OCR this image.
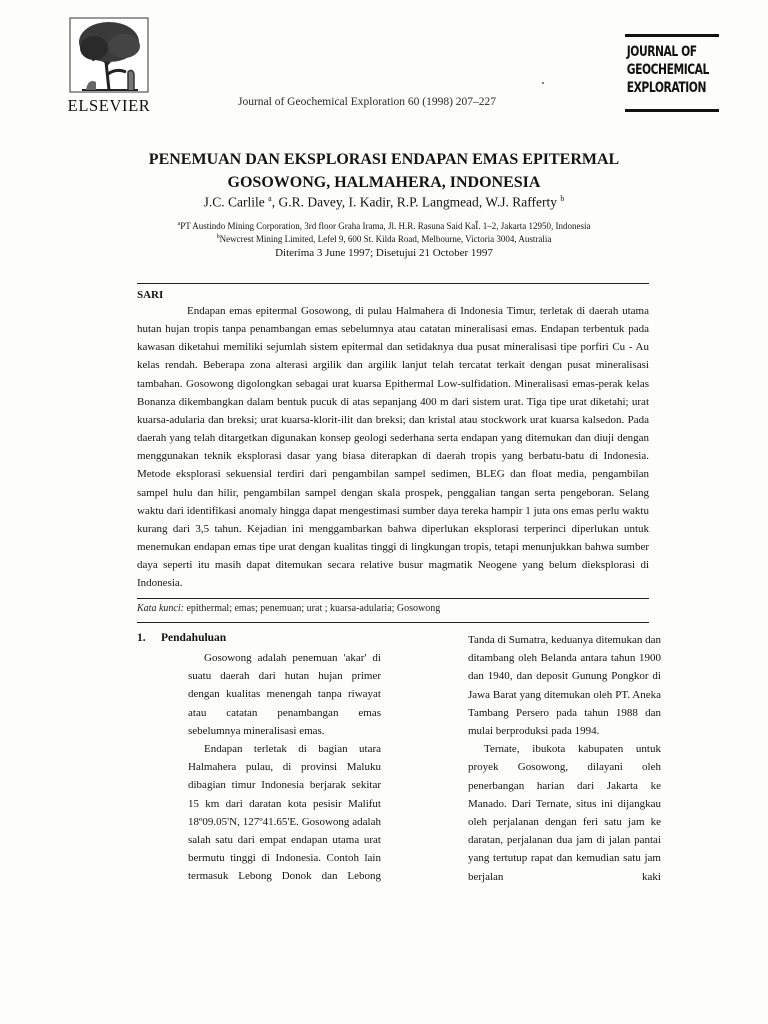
ELSEVIER	Journal of Geochemical Exploration 60 (1998) 207–227
JOURNAL OF
GEOCHEMICAL
EXPLORATION
PENEMUAN DAN EKSPLORASI ENDAPAN EMAS EPITERMAL
GOSOWONG, HALMAHERA, INDONESIA
J.C. Carlile $^a$, G.R. Davey, I. Kadir, R.P. Langmead, W.J. Rafferty $^b$
$^a$PT Austindo Mining Corporation, 3rd floor Graha Irama, Jl. H.R. Rasuna Said KaÎ. 1–2, Jakarta 12950, Indonesia
$^b$Newcrest Mining Limited, Lefel 9, 600 St. Kilda Road, Melbourne, Victoria 3004, Australia
Diterima 3 June 1997; Disetujui 21 October 1997
SARI

Endapan emas epitermal Gosowong, di pulau Halmahera di Indonesia Timur, terletak di daerah utama hutan hujan tropis tanpa penambangan emas sebelumnya atau catatan mineralisasi emas. Endapan terbentuk pada kawasan diketahui memiliki sejumlah sistem epitermal dan setidaknya dua pusat mineralisasi tipe porfiri Cu - Au kelas rendah. Beberapa zona alterasi argilik dan argilik lanjut telah tercatat terkait dengan pusat mineralisasi tambahan. Gosowong digolongkan sebagai urat kuarsa Epithermal Low-sulfidation. Mineralisasi emas-perak kelas Bonanza dikembangkan dalam bentuk pucuk di atas sepanjang 400 m dari sistem urat. Tiga tipe urat diketahi; urat kuarsa-adularia dan breksi; urat kuarsa-klorit-ilit dan breksi; dan kristal atau stockwork urat kuarsa kalsedon. Pada daerah yang telah ditargetkan digunakan konsep geologi sederhana serta endapan yang ditemukan dan diuji dengan menggunakan teknik eksplorasi dasar yang biasa diterapkan di daerah tropis yang berbatu-batu di Indonesia. Metode eksplorasi sekuensial terdiri dari pengambilan sampel sedimen, BLEG dan float media, pengambilan sampel hulu dan hilir, pengambilan sampel dengan skala prospek, penggalian tangan serta pengeboran. Selang waktu dari identifikasi anomaly hingga dapat mengestimasi sumber daya tereka hampir 1 juta ons emas perlu waktu kurang dari 3,5 tahun. Kejadian ini menggambarkan bahwa diperlukan eksplorasi terperinci diperlukan untuk menemukan endapan emas tipe urat dengan kualitas tinggi di lingkungan tropis, tetapi menunjukkan bahwa sumber daya seperti itu masih dapat ditemukan secara relative busur magmatik Neogene yang belum dieksplorasi di Indonesia.

Kata kunci: epithermal; emas; penemuan; urat ; kuarsa-adularia; Gosowong
1. Pendahuluan

Gosowong adalah penemuan 'akar' di suatu daerah dari hutan hujan primer dengan kualitas menengah tanpa riwayat atau catatan penambangan emas sebelumnya mineralisasi emas.

Endapan terletak di bagian utara Halmahera pulau, di provinsi Maluku dibagian timur Indonesia berjarak sekitar 15 km dari daratan kota pesisir Malifut 18º09.05'N, 127º41.65'E. Gosowong adalah salah satu dari empat endapan utama urat bermutu tinggi di Indonesia. Contoh lain termasuk Lebong Donok dan Lebong

Tanda di Sumatra, keduanya ditemukan dan ditambang oleh Belanda antara tahun 1900 dan 1940, dan deposit Gunung Pongkor di Jawa Barat yang ditemukan oleh PT. Aneka Tambang Persero pada tahun 1988 dan mulai berproduksi pada 1994.

Ternate, ibukota kabupaten untuk proyek Gosowong, dilayani oleh penerbangan harian dari Jakarta ke Manado. Dari Ternate, situs ini dijangkau oleh perjalanan dengan feri satu jam ke daratan, perjalanan dua jam di jalan pantai yang tertutup rapat dan kemudian satu jam berjalan kaki
